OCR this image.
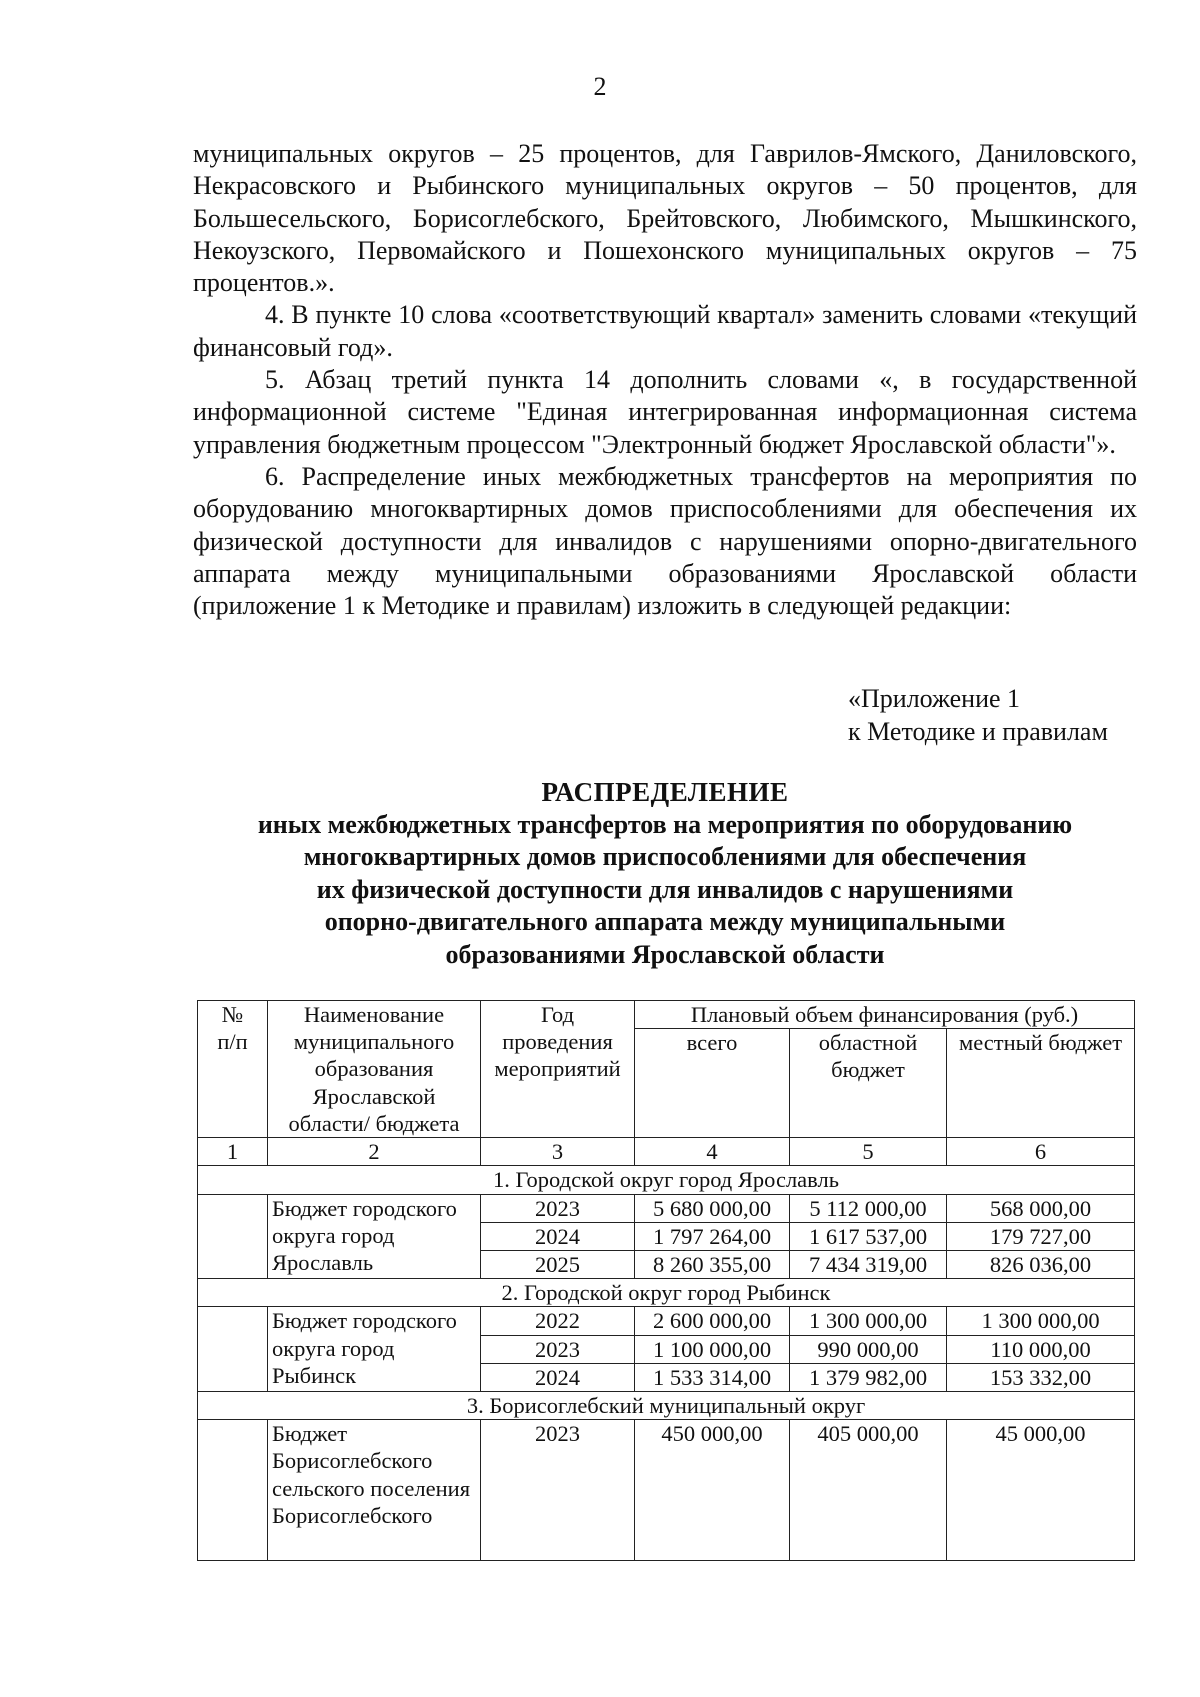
2

муниципальных округов – 25 процентов, для Гаврилов-Ямского, Даниловского, Некрасовского и Рыбинского муниципальных округов – 50 процентов, для Большесельского, Борисоглебского, Брейтовского, Любимского, Мышкинского, Некоузского, Первомайского и Пошехонского муниципальных округов – 75 процентов.».

4. В пункте 10 слова «соответствующий квартал» заменить словами «текущий финансовый год».

5. Абзац третий пункта 14 дополнить словами «, в государственной информационной системе "Единая интегрированная информационная система управления бюджетным процессом "Электронный бюджет Ярославской области"».

6. Распределение иных межбюджетных трансфертов на мероприятия по оборудованию многоквартирных домов приспособлениями для обеспечения их физической доступности для инвалидов с нарушениями опорно-двигательного аппарата между муниципальными образованиями Ярославской области (приложение 1 к Методике и правилам) изложить в следующей редакции:

«Приложение 1
к Методике и правилам
РАСПРЕДЕЛЕНИЕ
иных межбюджетных трансфертов на мероприятия по оборудованию
многоквартирных домов приспособлениями для обеспечения
их физической доступности для инвалидов с нарушениями
опорно-двигательного аппарата между муниципальными
образованиями Ярославской области
№
п/п	Наименование муниципального образования Ярославской области/ бюджета	Год проведения мероприятий	Плановый объем финансирования (руб.)		
			всего	областной бюджет	местный бюджет
1	2	3	4	5	6
1. Городской округ город Ярославль					
	Бюджет городского округа город Ярославль	2023	5 680 000,00	5 112 000,00	568 000,00
		2024	1 797 264,00	1 617 537,00	179 727,00
		2025	8 260 355,00	7 434 319,00	826 036,00
2. Городской округ город Рыбинск					
	Бюджет городского округа город Рыбинск	2022	2 600 000,00	1 300 000,00	1 300 000,00
		2023	1 100 000,00	990 000,00	110 000,00
		2024	1 533 314,00	1 379 982,00	153 332,00
3. Борисоглебский муниципальный округ					
	Бюджет Борисоглебского сельского поселения Борисоглебского	2023	450 000,00	405 000,00	45 000,00
